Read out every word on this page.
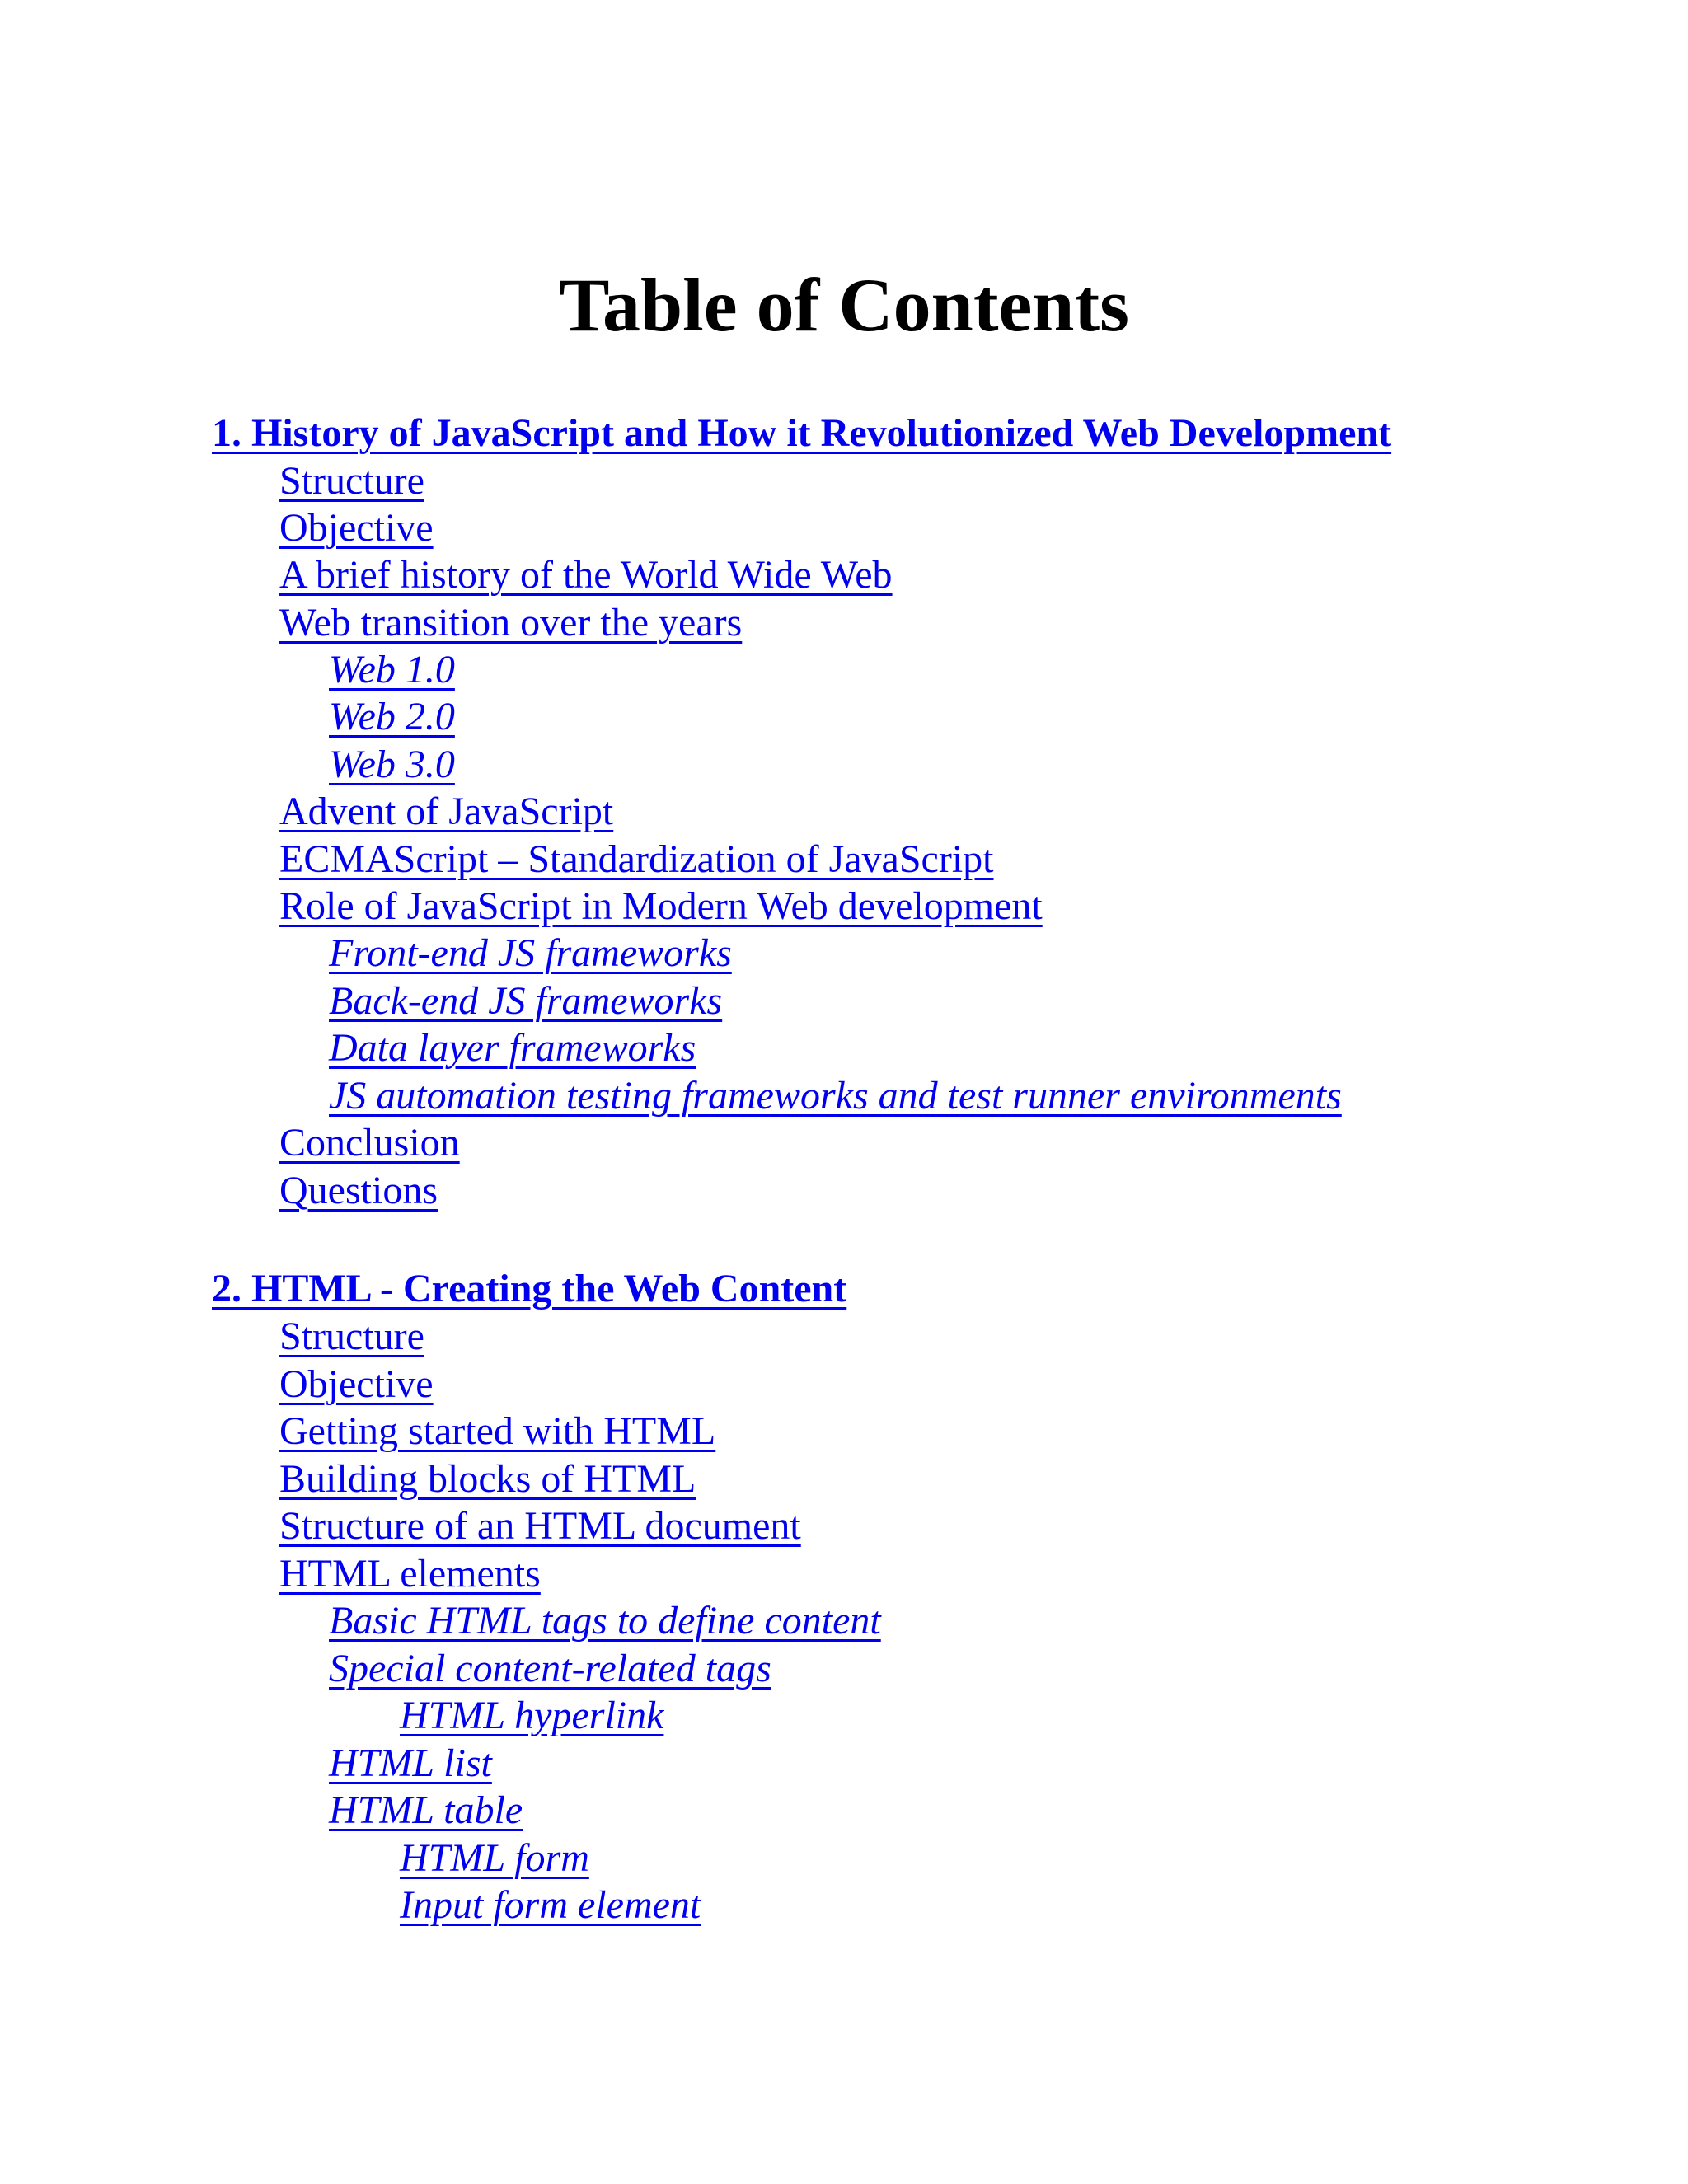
Table of Contents
1. History of JavaScript and How it Revolutionized Web Development
Structure
Objective
A brief history of the World Wide Web
Web transition over the years
Web 1.0
Web 2.0
Web 3.0
Advent of JavaScript
ECMAScript – Standardization of JavaScript
Role of JavaScript in Modern Web development
Front-end JS frameworks
Back-end JS frameworks
Data layer frameworks
JS automation testing frameworks and test runner environments
Conclusion
Questions
2. HTML - Creating the Web Content
Structure
Objective
Getting started with HTML
Building blocks of HTML
Structure of an HTML document
HTML elements
Basic HTML tags to define content
Special content-related tags
HTML hyperlink
HTML list
HTML table
HTML form
Input form element
